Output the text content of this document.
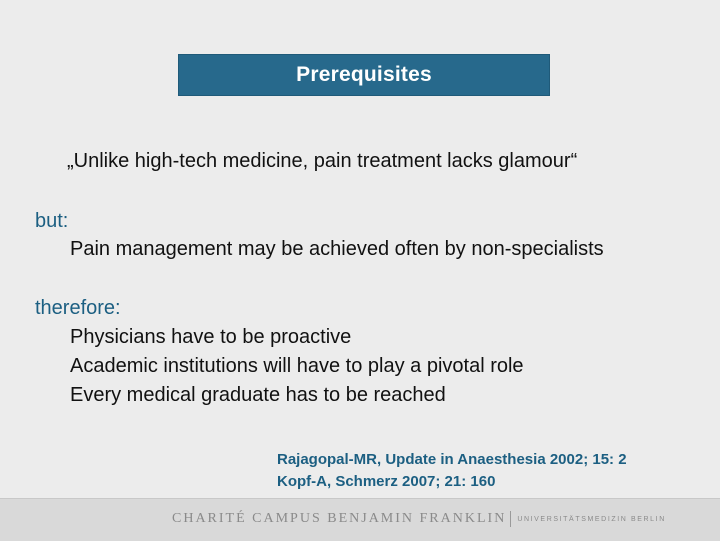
Prerequisites
„Unlike high-tech medicine, pain treatment lacks glamour“
but:
Pain management may be achieved often by non-specialists
therefore:
Physicians have to be proactive
Academic institutions will have to play a pivotal role
Every medical graduate has to be reached
Rajagopal-MR, Update in Anaesthesia 2002; 15: 2
Kopf-A, Schmerz 2007; 21: 160
CHARITÉ CAMPUS BENJAMIN FRANKLIN UNIVERSITÄTSMEDIZIN BERLIN
